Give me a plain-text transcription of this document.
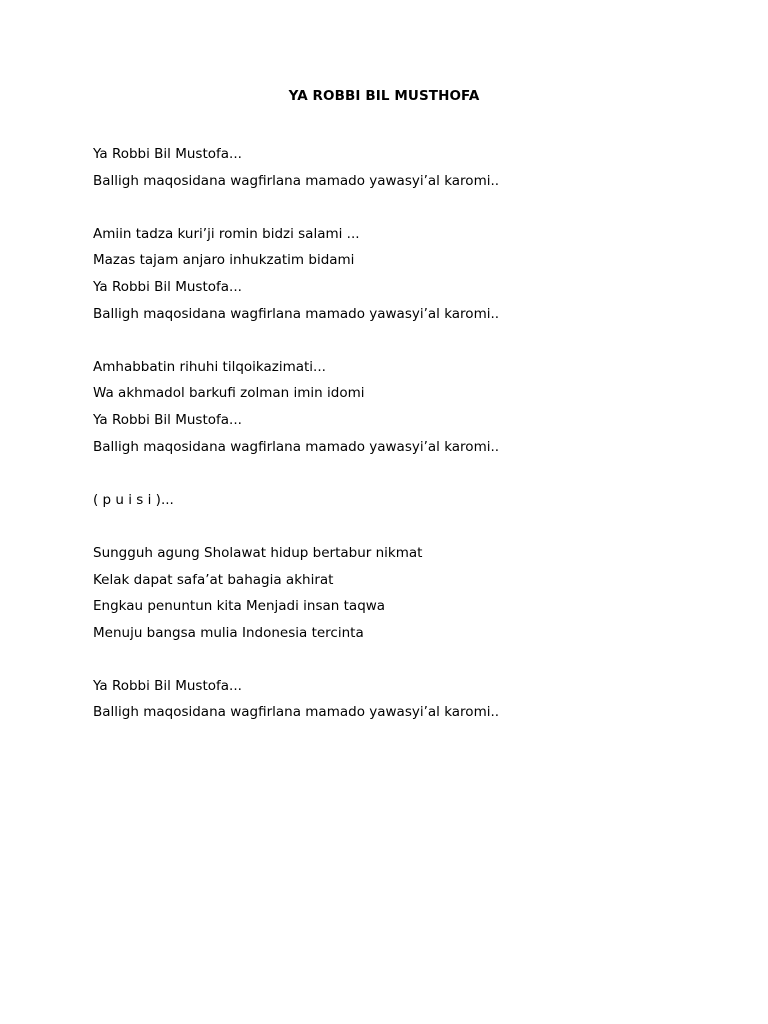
YA ROBBI BIL MUSTHOFA
Ya Robbi Bil Mustofa...
Balligh maqosidana wagfirlana mamado yawasyi’al karomi..
Amiin tadza kuri’ji romin bidzi salami ...
Mazas tajam anjaro inhukzatim bidami
Ya Robbi Bil Mustofa...
Balligh maqosidana wagfirlana mamado yawasyi’al karomi..
Amhabbatin rihuhi tilqoikazimati...
Wa akhmadol barkufi zolman imin idomi
Ya Robbi Bil Mustofa...
Balligh maqosidana wagfirlana mamado yawasyi’al karomi..
( p u i s i )...
Sungguh agung Sholawat hidup bertabur nikmat
Kelak dapat safa’at bahagia akhirat
Engkau penuntun kita Menjadi insan taqwa
Menuju bangsa mulia Indonesia tercinta
Ya Robbi Bil Mustofa...
Balligh maqosidana wagfirlana mamado yawasyi’al karomi..
